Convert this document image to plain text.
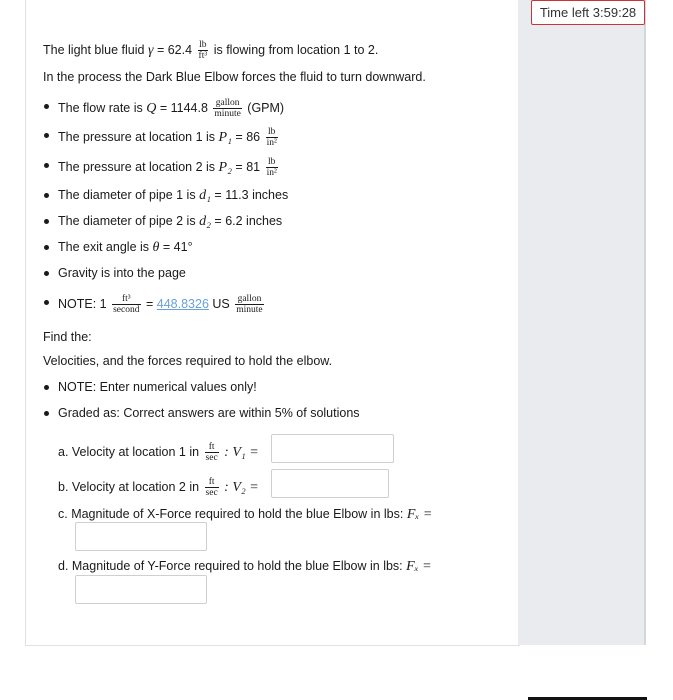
Time left 3:59:28
The light blue fluid $\gamma = 62.4 \frac{lb}{\text{ft³}}$ is flowing from location 1 to 2.
In the process the Dark Blue Elbow forces the fluid to turn downward.
The flow rate is $Q = 1144.8 \frac{\text{gallon}}{\text{minute}} (GPM)$
The pressure at location 1 is $P_1 = 86 \frac{lb}{\text{in²}}$
The pressure at location 2 is $P_2 = 81 \frac{lb}{\text{in²}}$
The diameter of pipe 1 is d₁ = 11.3 inches
The diameter of pipe 2 is d₂ = 6.2 inches
The exit angle is θ = 41°
Gravity is into the page
NOTE: $1 \frac{\text{ft³}}{\text{second}} = 448.8326$ US $\frac{\text{gallon}}{\text{minute}}$
Find the:
Velocities, and the forces required to hold the elbow.
NOTE: Enter numerical values only!
Graded as: Correct answers are within 5% of solutions
a. Velocity at location 1 in $\frac{ft}{\sec}$ : V₁ =
b. Velocity at location 2 in $\frac{ft}{\sec}$ : V₂ =
c. Magnitude of X-Force required to hold the blue Elbow in lbs: Fₓ =
d. Magnitude of Y-Force required to hold the blue Elbow in lbs: Fₓ =
